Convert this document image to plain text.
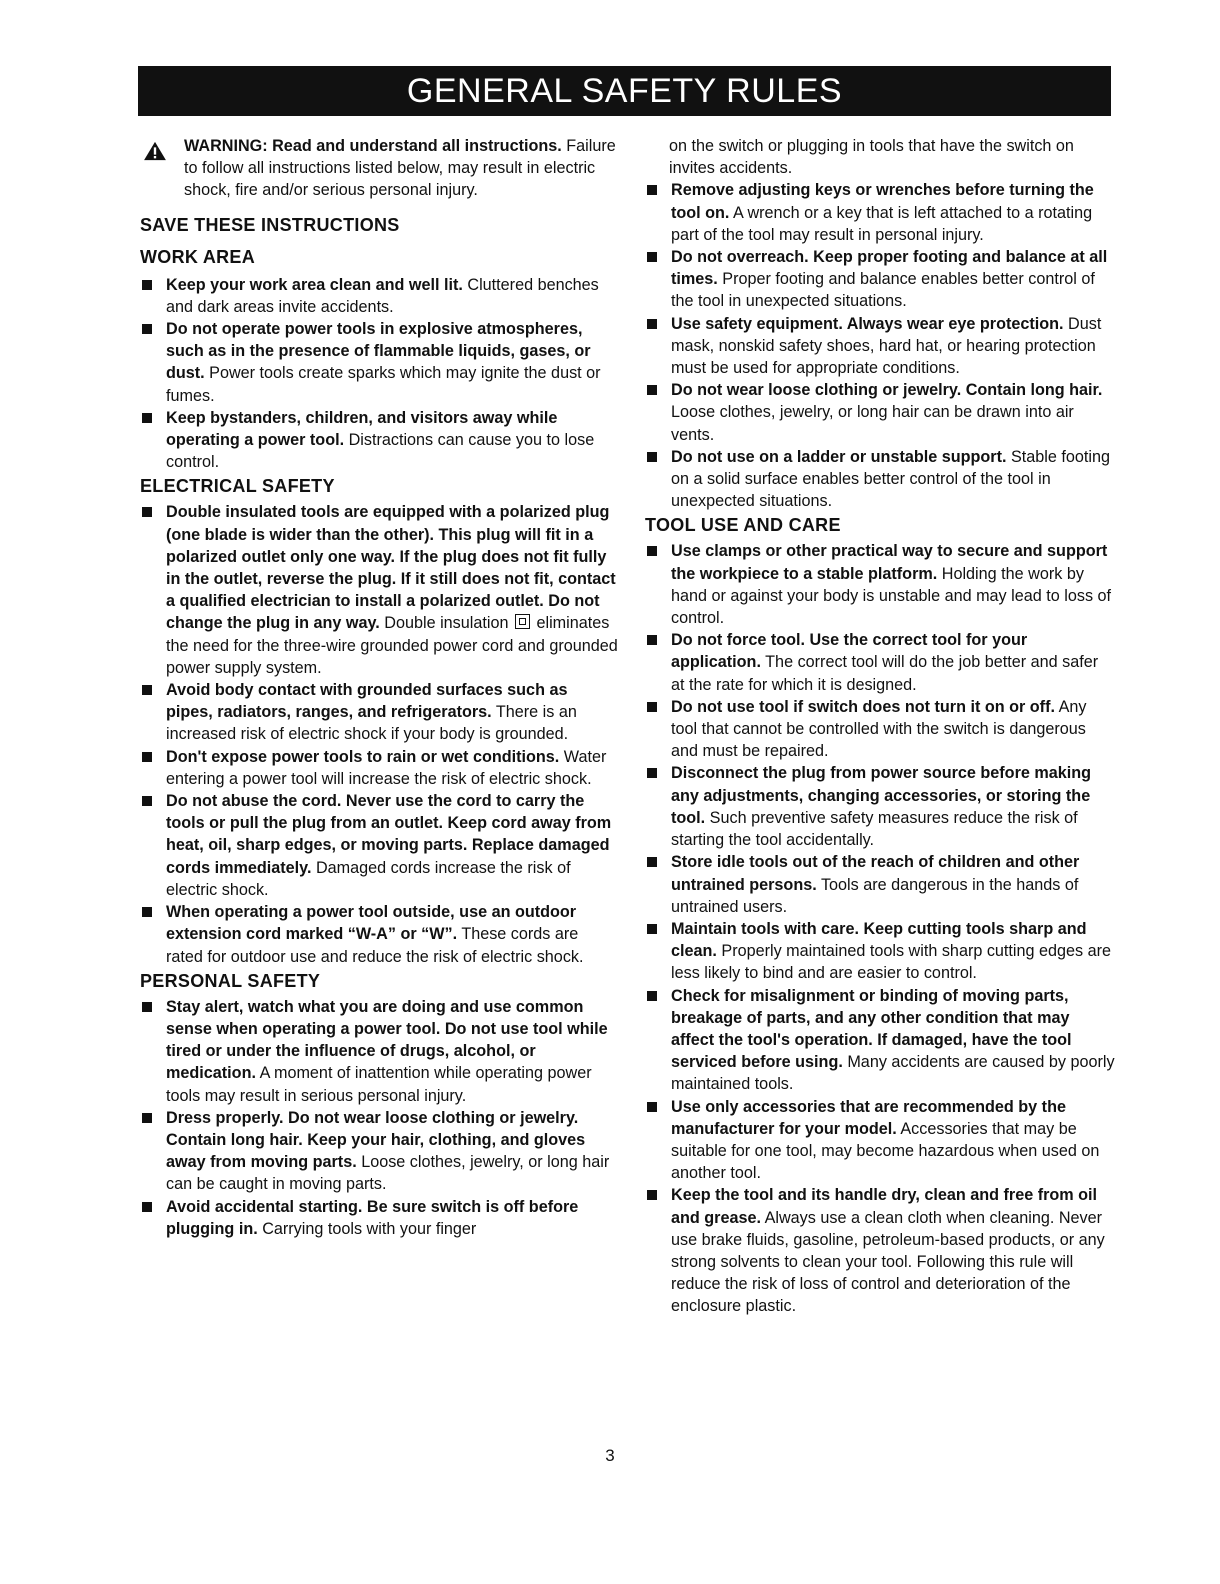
GENERAL SAFETY RULES
WARNING: Read and understand all instructions. Failure to follow all instructions listed below, may result in electric shock, fire and/or serious personal injury.
SAVE THESE INSTRUCTIONS
WORK AREA
Keep your work area clean and well lit. Cluttered benches and dark areas invite accidents.
Do not operate power tools in explosive atmospheres, such as in the presence of flammable liquids, gases, or dust. Power tools create sparks which may ignite the dust or fumes.
Keep bystanders, children, and visitors away while operating a power tool. Distractions can cause you to lose control.
ELECTRICAL SAFETY
Double insulated tools are equipped with a polarized plug (one blade is wider than the other). This plug will fit in a polarized outlet only one way. If the plug does not fit fully in the outlet, reverse the plug. If it still does not fit, contact a qualified electrician to install a polarized outlet. Do not change the plug in any way. Double insulation eliminates the need for the three-wire grounded power cord and grounded power supply system.
Avoid body contact with grounded surfaces such as pipes, radiators, ranges, and refrigerators. There is an increased risk of electric shock if your body is grounded.
Don't expose power tools to rain or wet conditions. Water entering a power tool will increase the risk of electric shock.
Do not abuse the cord. Never use the cord to carry the tools or pull the plug from an outlet. Keep cord away from heat, oil, sharp edges, or moving parts. Replace damaged cords immediately. Damaged cords increase the risk of electric shock.
When operating a power tool outside, use an outdoor extension cord marked “W-A” or “W”. These cords are rated for outdoor use and reduce the risk of electric shock.
PERSONAL SAFETY
Stay alert, watch what you are doing and use common sense when operating a power tool. Do not use tool while tired or under the influence of drugs, alcohol, or medication. A moment of inattention while operating power tools may result in serious personal injury.
Dress properly. Do not wear loose clothing or jewelry. Contain long hair. Keep your hair, clothing, and gloves away from moving parts. Loose clothes, jewelry, or long hair can be caught in moving parts.
Avoid accidental starting. Be sure switch is off before plugging in. Carrying tools with your finger
on the switch or plugging in tools that have the switch on invites accidents.
Remove adjusting keys or wrenches before turning the tool on. A wrench or a key that is left attached to a rotating part of the tool may result in personal injury.
Do not overreach. Keep proper footing and balance at all times. Proper footing and balance enables better control of the tool in unexpected situations.
Use safety equipment. Always wear eye protection. Dust mask, nonskid safety shoes, hard hat, or hearing protection must be used for appropriate conditions.
Do not wear loose clothing or jewelry. Contain long hair. Loose clothes, jewelry, or long hair can be drawn into air vents.
Do not use on a ladder or unstable support. Stable footing on a solid surface enables better control of the tool in unexpected situations.
TOOL USE AND CARE
Use clamps or other practical way to secure and support the workpiece to a stable platform. Holding the work by hand or against your body is unstable and may lead to loss of control.
Do not force tool. Use the correct tool for your application. The correct tool will do the job better and safer at the rate for which it is designed.
Do not use tool if switch does not turn it on or off. Any tool that cannot be controlled with the switch is dangerous and must be repaired.
Disconnect the plug from power source before making any adjustments, changing accessories, or storing the tool. Such preventive safety measures reduce the risk of starting the tool accidentally.
Store idle tools out of the reach of children and other untrained persons. Tools are dangerous in the hands of untrained users.
Maintain tools with care. Keep cutting tools sharp and clean. Properly maintained tools with sharp cutting edges are less likely to bind and are easier to control.
Check for misalignment or binding of moving parts, breakage of parts, and any other condition that may affect the tool's operation. If damaged, have the tool serviced before using. Many accidents are caused by poorly maintained tools.
Use only accessories that are recommended by the manufacturer for your model. Accessories that may be suitable for one tool, may become hazardous when used on another tool.
Keep the tool and its handle dry, clean and free from oil and grease. Always use a clean cloth when cleaning. Never use brake fluids, gasoline, petroleum-based products, or any strong solvents to clean your tool. Following this rule will reduce the risk of loss of control and deterioration of the enclosure plastic.
3
